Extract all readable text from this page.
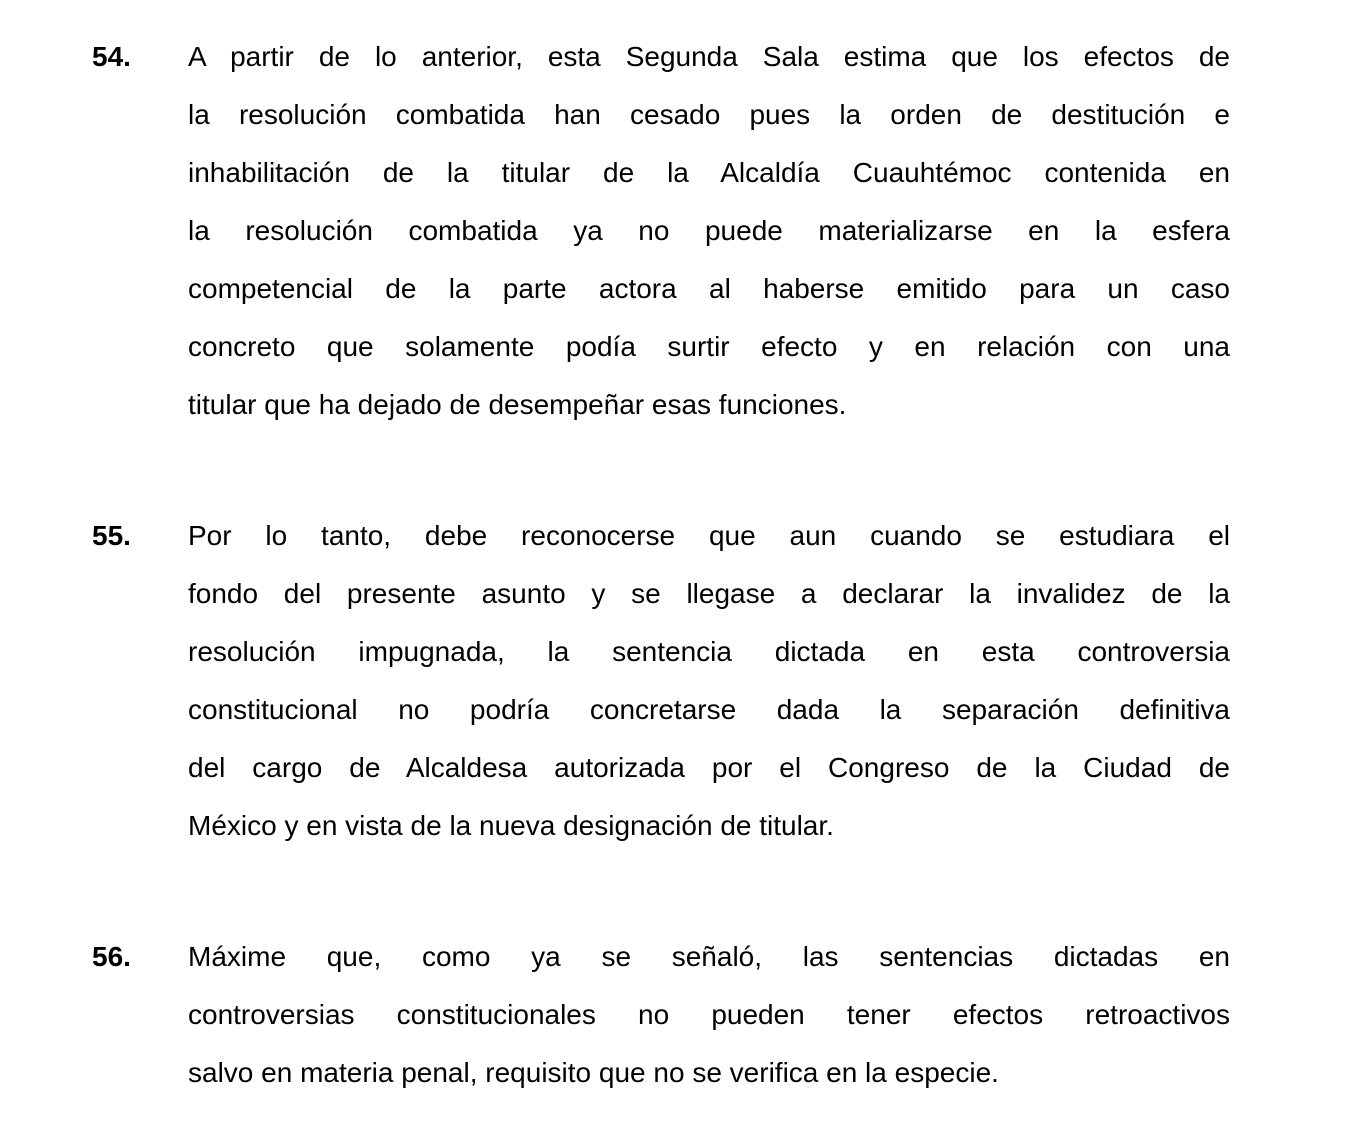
54.	A partir de lo anterior, esta Segunda Sala estima que los efectos de
la resolución combatida han cesado pues la orden de destitución e
inhabilitación de la titular de la Alcaldía Cuauhtémoc contenida en
la resolución combatida ya no puede materializarse en la esfera
competencial de la parte actora al haberse emitido para un caso
concreto que solamente podía surtir efecto y en relación con una
titular que ha dejado de desempeñar esas funciones.
55.	Por lo tanto, debe reconocerse que aun cuando se estudiara el
fondo del presente asunto y se llegase a declarar la invalidez de la
resolución impugnada, la sentencia dictada en esta controversia
constitucional no podría concretarse dada la separación definitiva
del cargo de Alcaldesa autorizada por el Congreso de la Ciudad de
México y en vista de la nueva designación de titular.
56.	Máxime que, como ya se señaló, las sentencias dictadas en
controversias constitucionales no pueden tener efectos retroactivos
salvo en materia penal, requisito que no se verifica en la especie.
